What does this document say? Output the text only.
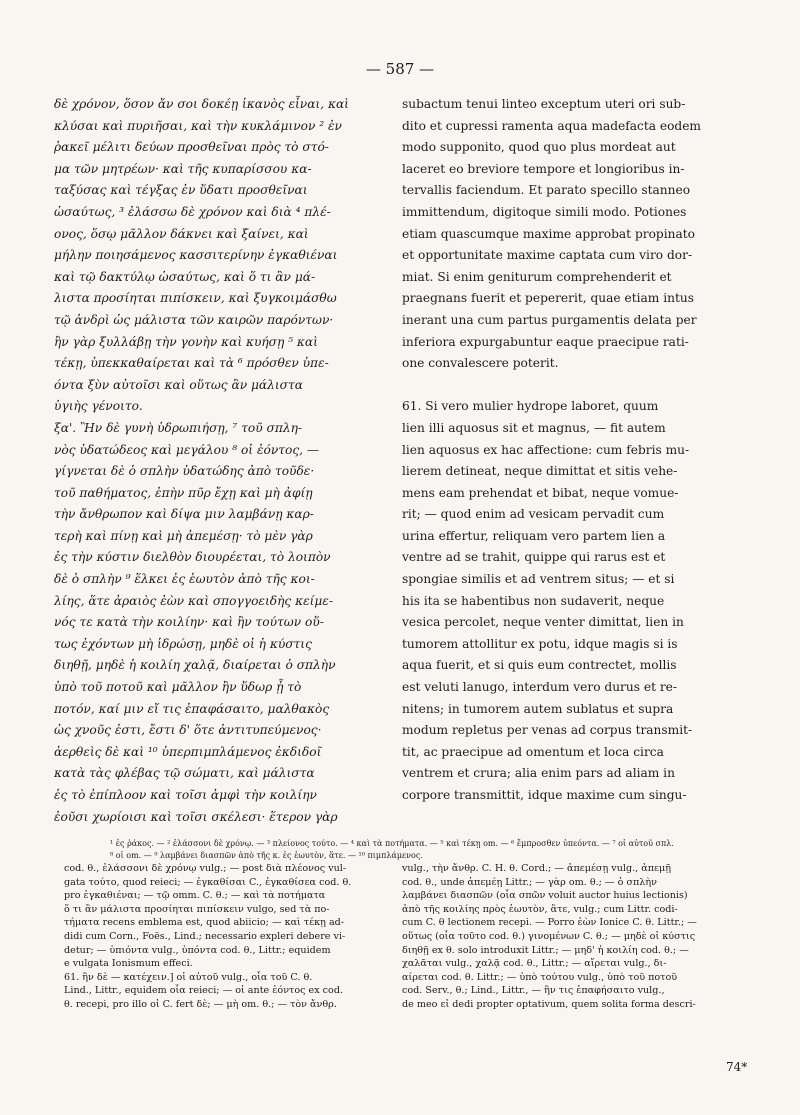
— 587 —
δὲ χρόνον, ὅσον ἄν σοι δοκέῃ ἱκανὸς εἶναι, καὶ
κλύσαι καὶ πυριῆσαι, καὶ τὴν κυκλάμινον ² ἐν
ῥακεῖ μέλιτι δεύων προσθεῖναι πρὸς τὸ στό-
μα τῶν μητρέων· καὶ τῆς κυπαρίσσου κα-
ταξύσας καὶ τέγξας ἐν ὕδατι προσθεῖναι
ὡσαύτως, ³ ἐλάσσω δὲ χρόνον καὶ διὰ ⁴ πλέ-
ονος, ὅσῳ μᾶλλον δάκνει καὶ ξαίνει, καὶ
μήλην ποιησάμενος κασσιτερίνην ἐγκαθιέναι
καὶ τῷ δακτύλῳ ὡσαύτως, καὶ ὅ τι ἂν μά-
λιστα προσίηται πιπίσκειν, καὶ ξυγκοιμάσθω
τῷ ἀνδρὶ ὡς μάλιστα τῶν καιρῶν παρόντων·
ἢν γὰρ ξυλλάβῃ τὴν γονὴν καὶ κυήσῃ ⁵ καὶ
τέκῃ, ὑπεκκαθαίρεται καὶ τὰ ⁶ πρόσθεν ὑπε-
όντα ξὺν αὐτοῖσι καὶ οὕτως ἂν μάλιστα
ὑγιὴς γένοιτο.
ξα'. Ἢν δὲ γυνὴ ὑδρωπιήσῃ, ⁷ τοῦ σπλη-
νὸς ὑδατώδεος καὶ μεγάλου ⁸ οἱ ἐόντος, —
γίγνεται δὲ ὁ σπλὴν ὑδατώδης ἀπὸ τοῦδε·
τοῦ παθήματος, ἐπὴν πῦρ ἔχῃ καὶ μὴ ἀφίῃ
τὴν ἄνθρωπον καὶ δίψα μιν λαμβάνῃ καρ-
τερὴ καὶ πίνῃ καὶ μὴ ἀπεμέσῃ· τὸ μὲν γὰρ
ἐς τὴν κύστιν διελθὸν διουρέεται, τὸ λοιπὸν
δὲ ὁ σπλὴν ⁹ ἕλκει ἐς ἑωυτὸν ἀπὸ τῆς κοι-
λίης, ἅτε ἀραιὸς ἐὼν καὶ σπογγοειδὴς κείμε-
νός τε κατὰ τὴν κοιλίην· καὶ ἢν τούτων οὕ-
τως ἐχόντων μὴ ἱδρώσῃ, μηδὲ οἱ ἡ κύστις
διηθῇ, μηδὲ ἡ κοιλίη χαλᾷ, διαίρεται ὁ σπλὴν
ὑπὸ τοῦ ποτοῦ καὶ μᾶλλον ἢν ὕδωρ ᾖ τὸ
ποτόν, καί μιν εἴ τις ἐπαφάσαιτο, μαλθακὸς
ὡς χνοῦς ἐστι, ἔστι δ' ὅτε ἀντιτυπεύμενος·
ἀερθεὶς δὲ καὶ ¹⁰ ὑπερπιμπλάμενος ἐκδιδοῖ
κατὰ τὰς φλέβας τῷ σώματι, καὶ μάλιστα
ἐς τὸ ἐπίπλοον καὶ τοῖσι ἀμφὶ τὴν κοιλίην
ἐοῦσι χωρίοισι καὶ τοῖσι σκέλεσι· ἕτερον γὰρ
subactum tenui linteo exceptum uteri ori sub-
dito et cupressi ramenta aqua madefacta eodem
modo supponito, quod quo plus mordeat aut
laceret eo breviore tempore et longioribus in-
tervallis faciendum. Et parato specillo stanneo
immittendum, digitoque simili modo. Potiones
etiam quascumque maxime approbat propinato
et opportunitate maxime captata cum viro dor-
miat. Si enim geniturum comprehenderit et
praegnans fuerit et pepererit, quae etiam intus
inerant una cum partus purgamentis delata per
inferiora expurgabuntur eaque praecipue rati-
one convalescere poterit.
61. Si vero mulier hydrope laboret, quum
lien illi aquosus sit et magnus, — fit autem
lien aquosus ex hac affectione: cum febris mu-
lierem detineat, neque dimittat et sitis vehe-
mens eam prehendat et bibat, neque vomue-
rit; — quod enim ad vesicam pervadit cum
urina effertur, reliquam vero partem lien a
ventre ad se trahit, quippe qui rarus est et
spongiae similis et ad ventrem situs; — et si
his ita se habentibus non sudaverit, neque
vesica percolet, neque venter dimittat, lien in
tumorem attollitur ex potu, idque magis si is
aqua fuerit, et si quis eum contrectet, mollis
est veluti lanugo, interdum vero durus et re-
nitens; in tumorem autem sublatus et supra
modum repletus per venas ad corpus transmit-
tit, ac praecipue ad omentum et loca circa
ventrem et crura; alia enim pars ad aliam in
corpore transmittit, idque maxime cum singu-
¹ ἐς ῥάκος. — ² ἐλάσσονι δὲ χρόνῳ. — ³ πλείονος τούτο. — ⁴ καὶ τὰ ποτήματα. — ⁵ καὶ τέκῃ om. — ⁶ ἔμπροσθεν ὑπεόντα. — ⁷ οἱ αὐτοῦ σπλ.
⁸ οἱ om. — ⁹ λαμβάνει διασπῶν ἀπὸ τῆς κ. ἐς ἑωυτὸν, ἅτε. — ¹⁰ πιμπλάμενος.
cod. θ., ἐλάσσονι δὲ χρόνῳ vulg.; — post διὰ πλέονος vul-
gata τούτο, quod reieci; — ἐγκαθίσαι C., ἐγκαθίσεα cod. θ.
pro ἐγκαθιέναι; — τῷ omm. C. θ.; — καὶ τὰ ποτήματα
ὅ τι ἂν μάλιστα προσίηται πιπίσκειν vulgo, sed τὰ πο-
τήματα recens emblema est, quod abiicio; — καὶ τέκῃ ad-
didi cum Corn., Foës., Lind.; necessario expleri debere vi-
detur; — ὑπιόντα vulg., ὑπόντα cod. θ., Littr.; equidem
e vulgata Ionismum effeci.
61. ἢν δὲ — κατέχειν.] οἱ αὐτοῦ vulg., οἷα τοῦ C. θ.
Lind., Littr., equidem οἷα reieci; — οἱ ante ἐόντος ex cod.
θ. recepi, pro illo οἱ C. fert δὲ; — μὴ om. θ.; — τὸν ἄνθρ.
vulg., τὴν ἄνθρ. C. H. θ. Cord.; — ἀπεμέσῃ vulg., ἀπεμῇ
cod. θ., unde ἀπεμέῃ Littr.; — γὰρ om. θ.; — ὁ σπλὴν
λαμβάνει διασπῶν (οἷα σπῶν voluit auctor huius lectionis)
ἀπὸ τῆς κοιλίης πρὸς ἑωυτὸν, ἅτε, vulg.; cum Littr. codi-
cum C. θ lectionem recepi. — Porro ἐὼν Ionice C. θ. Littr.; —
οὕτως (οἷα τοῦτο cod. θ.) γινομένων C. θ.; — μηδὲ οἱ κύστις
διηθῇ ex θ. solo introduxit Littr.; — μηδ' ἡ κοιλίη cod. θ.; —
χαλᾶται vulg., χαλᾷ cod. θ., Littr.; — αἴρεται vulg., δι-
αίρεται cod. θ. Littr.; — ὑπὸ τούτου vulg., ὑπὸ τοῦ ποτοῦ
cod. Serv., θ.; Lind., Littr., — ἢν τις ἐπαφήσαιτο vulg.,
de meo εἰ dedi propter optativum, quem solita forma descri-
74*
